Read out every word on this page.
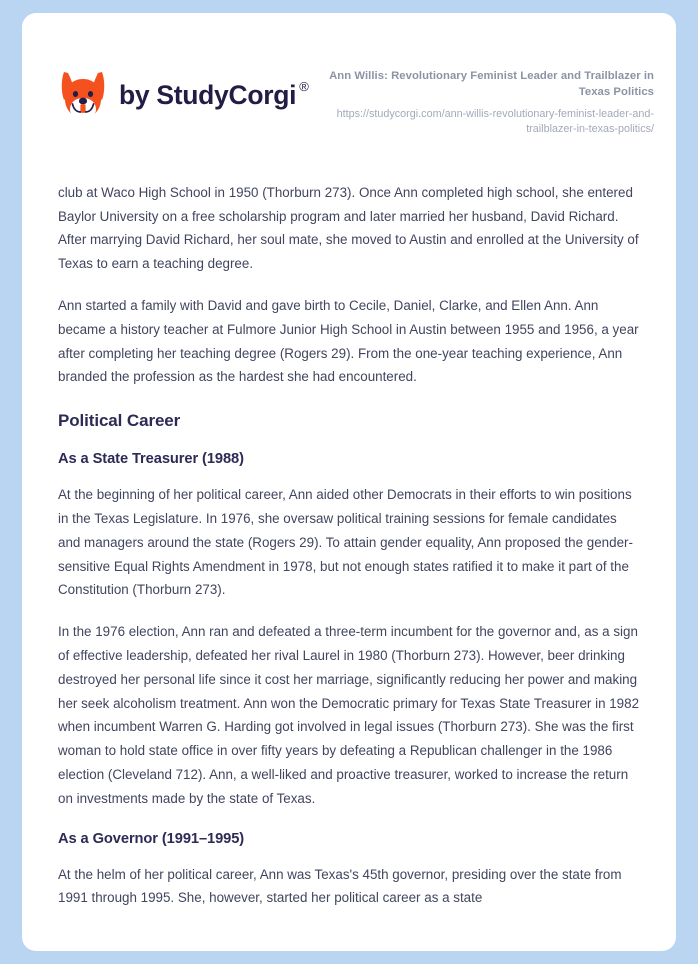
by StudyCorgi ®
Ann Willis: Revolutionary Feminist Leader and Trailblazer in Texas Politics
https://studycorgi.com/ann-willis-revolutionary-feminist-leader-and-trailblazer-in-texas-politics/

club at Waco High School in 1950 (Thorburn 273). Once Ann completed high school, she entered Baylor University on a free scholarship program and later married her husband, David Richard. After marrying David Richard, her soul mate, she moved to Austin and enrolled at the University of Texas to earn a teaching degree.

Ann started a family with David and gave birth to Cecile, Daniel, Clarke, and Ellen Ann. Ann became a history teacher at Fulmore Junior High School in Austin between 1955 and 1956, a year after completing her teaching degree (Rogers 29). From the one-year teaching experience, Ann branded the profession as the hardest she had encountered.

Political Career
As a State Treasurer (1988)

At the beginning of her political career, Ann aided other Democrats in their efforts to win positions in the Texas Legislature. In 1976, she oversaw political training sessions for female candidates and managers around the state (Rogers 29). To attain gender equality, Ann proposed the gender-sensitive Equal Rights Amendment in 1978, but not enough states ratified it to make it part of the Constitution (Thorburn 273).

In the 1976 election, Ann ran and defeated a three-term incumbent for the governor and, as a sign of effective leadership, defeated her rival Laurel in 1980 (Thorburn 273). However, beer drinking destroyed her personal life since it cost her marriage, significantly reducing her power and making her seek alcoholism treatment. Ann won the Democratic primary for Texas State Treasurer in 1982 when incumbent Warren G. Harding got involved in legal issues (Thorburn 273). She was the first woman to hold state office in over fifty years by defeating a Republican challenger in the 1986 election (Cleveland 712). Ann, a well-liked and proactive treasurer, worked to increase the return on investments made by the state of Texas.

As a Governor (1991–1995)

At the helm of her political career, Ann was Texas's 45th governor, presiding over the state from 1991 through 1995. She, however, started her political career as a state
